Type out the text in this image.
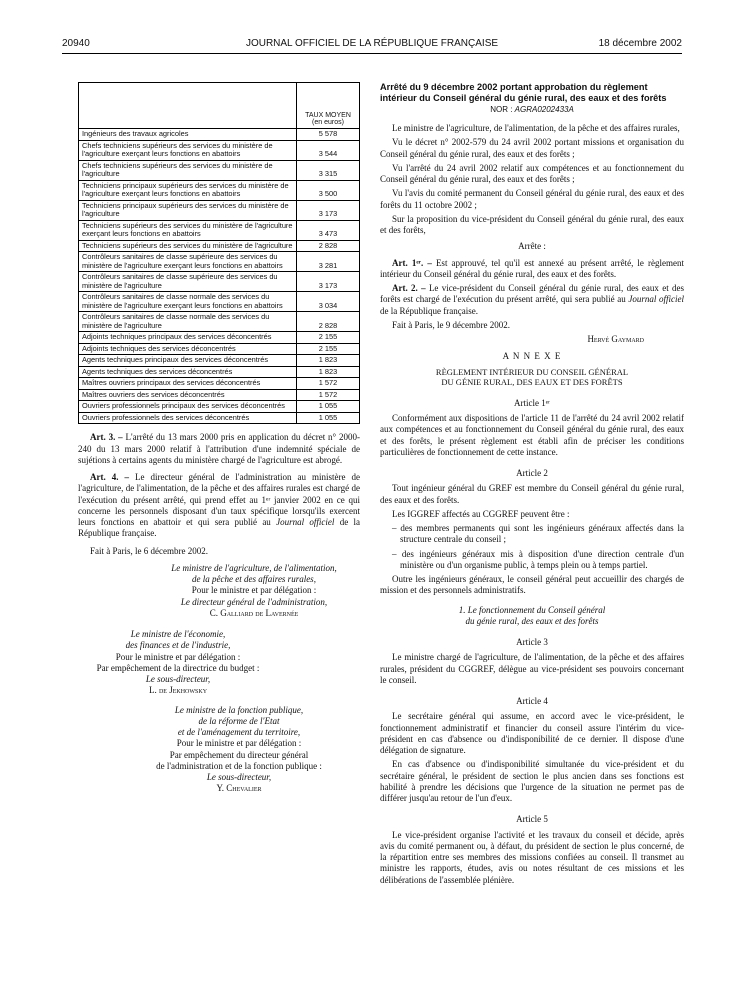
20940	JOURNAL OFFICIEL DE LA RÉPUBLIQUE FRANÇAISE	18 décembre 2002

	TAUX MOYEN
(en euros)

Ingénieurs des travaux agricoles	5 578
Chefs techniciens supérieurs des services du ministère de l'agriculture exerçant leurs fonctions en abattoirs	3 544
Chefs techniciens supérieurs des services du ministère de l'agriculture	3 315
Techniciens principaux supérieurs des services du ministère de l'agriculture exerçant leurs fonctions en abattoirs	3 500
Techniciens principaux supérieurs des services du ministère de l'agriculture	3 173
Techniciens supérieurs des services du ministère de l'agriculture exerçant leurs fonctions en abattoirs	3 473
Techniciens supérieurs des services du ministère de l'agriculture	2 828
Contrôleurs sanitaires de classe supérieure des services du ministère de l'agriculture exerçant leurs fonctions en abattoirs	3 281
Contrôleurs sanitaires de classe supérieure des services du ministère de l'agriculture	3 173
Contrôleurs sanitaires de classe normale des services du ministère de l'agriculture exerçant leurs fonctions en abattoirs	3 034
Contrôleurs sanitaires de classe normale des services du ministère de l'agriculture	2 828
Adjoints techniques principaux des services déconcentrés	2 155
Adjoints techniques des services déconcentrés	2 155
Agents techniques principaux des services déconcentrés	1 823
Agents techniques des services déconcentrés	1 823
Maîtres ouvriers principaux des services déconcentrés	1 572
Maîtres ouvriers des services déconcentrés	1 572
Ouvriers professionnels principaux des services déconcentrés	1 055
Ouvriers professionnels des services déconcentrés	1 055

Art. 3. – L'arrêté du 13 mars 2000 pris en application du décret n° 2000-240 du 13 mars 2000 relatif à l'attribution d'une indemnité spéciale de sujétions à certains agents du ministère chargé de l'agriculture est abrogé.

Art. 4. – Le directeur général de l'administration au ministère de l'agriculture, de l'alimentation, de la pêche et des affaires rurales est chargé de l'exécution du présent arrêté, qui prend effet au 1ᵉʳ janvier 2002 en ce qui concerne les personnels disposant d'un taux spécifique lorsqu'ils exercent leurs fonctions en abattoir et qui sera publié au Journal officiel de la République française.

Fait à Paris, le 6 décembre 2002.

Le ministre de l'agriculture, de l'alimentation,
de la pêche et des affaires rurales,
Pour le ministre et par délégation :
Le directeur général de l'administration,
C. Galliard de Lavernée
Le ministre de l'économie,
des finances et de l'industrie,
Pour le ministre et par délégation :
Par empêchement de la directrice du budget :
Le sous-directeur,
L. de Jekhowsky
Le ministre de la fonction publique,
de la réforme de l'Etat
et de l'aménagement du territoire,
Pour le ministre et par délégation :
Par empêchement du directeur général
de l'administration et de la fonction publique :
Le sous-directeur,
Y. Chevalier
Arrêté du 9 décembre 2002 portant approbation du règlement intérieur du Conseil général du génie rural, des eaux et des forêts
NOR : AGRA0202433A

Le ministre de l'agriculture, de l'alimentation, de la pêche et des affaires rurales,

Vu le décret n° 2002-579 du 24 avril 2002 portant missions et organisation du Conseil général du génie rural, des eaux et des forêts ;

Vu l'arrêté du 24 avril 2002 relatif aux compétences et au fonctionnement du Conseil général du génie rural, des eaux et des forêts ;

Vu l'avis du comité permanent du Conseil général du génie rural, des eaux et des forêts du 11 octobre 2002 ;

Sur la proposition du vice-président du Conseil général du génie rural, des eaux et des forêts,

Arrête :

Art. 1ᵉʳ. – Est approuvé, tel qu'il est annexé au présent arrêté, le règlement intérieur du Conseil général du génie rural, des eaux et des forêts.

Art. 2. – Le vice-président du Conseil général du génie rural, des eaux et des forêts est chargé de l'exécution du présent arrêté, qui sera publié au Journal officiel de la République française.

Fait à Paris, le 9 décembre 2002.

Hervé Gaymard
A N N E X E
RÈGLEMENT INTÉRIEUR DU CONSEIL GÉNÉRAL
DU GÉNIE RURAL, DES EAUX ET DES FORÊTS
Article 1ᵉʳ

Conformément aux dispositions de l'article 11 de l'arrêté du 24 avril 2002 relatif aux compétences et au fonctionnement du Conseil général du génie rural, des eaux et des forêts, le présent règlement est établi afin de préciser les conditions particulières de fonctionnement de cette instance.

Article 2

Tout ingénieur général du GREF est membre du Conseil général du génie rural, des eaux et des forêts.

Les IGGREF affectés au CGGREF peuvent être :

– des membres permanents qui sont les ingénieurs généraux affectés dans la structure centrale du conseil ;

– des ingénieurs généraux mis à disposition d'une direction centrale d'un ministère ou d'un organisme public, à temps plein ou à temps partiel.

Outre les ingénieurs généraux, le conseil général peut accueillir des chargés de mission et des personnels administratifs.

1. Le fonctionnement du Conseil général
du génie rural, des eaux et des forêts
Article 3

Le ministre chargé de l'agriculture, de l'alimentation, de la pêche et des affaires rurales, président du CGGREF, délègue au vice-président ses pouvoirs concernant le conseil.

Article 4

Le secrétaire général qui assume, en accord avec le vice-président, le fonctionnement administratif et financier du conseil assure l'intérim du vice-président en cas d'absence ou d'indisponibilité de ce dernier. Il dispose d'une délégation de signature.

En cas d'absence ou d'indisponibilité simultanée du vice-président et du secrétaire général, le président de section le plus ancien dans ses fonctions est habilité à prendre les décisions que l'urgence de la situation ne permet pas de différer jusqu'au retour de l'un d'eux.

Article 5

Le vice-président organise l'activité et les travaux du conseil et décide, après avis du comité permanent ou, à défaut, du président de section le plus concerné, de la répartition entre ses membres des missions confiées au conseil. Il transmet au ministre les rapports, études, avis ou notes résultant de ces missions et les délibérations de l'assemblée plénière.
